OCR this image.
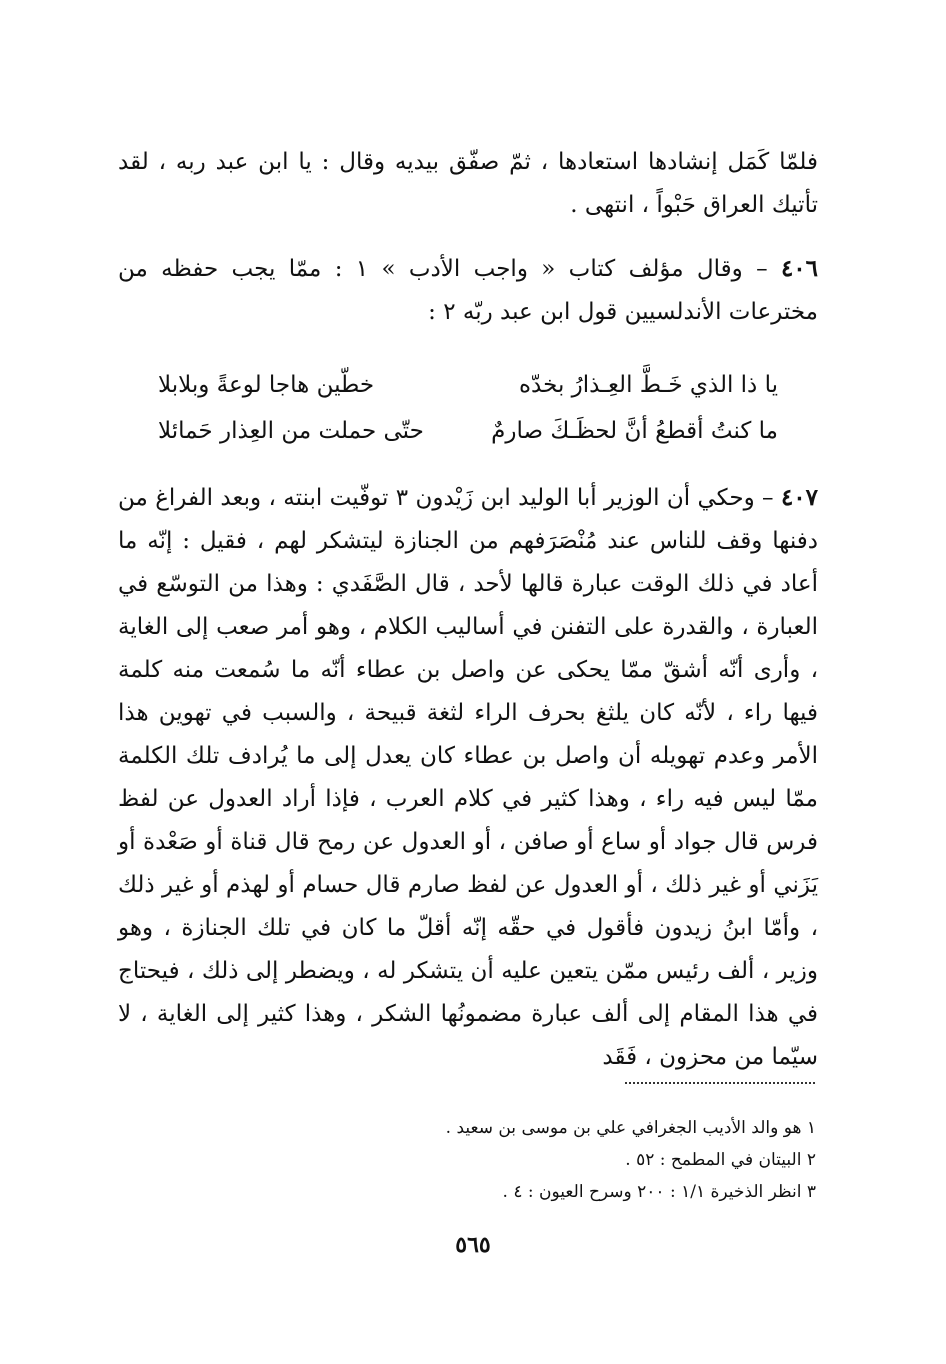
فلمّا كَمَل إنشادها استعادها ، ثمّ صفّق بيديه وقال : يا ابن عبد ربه ، لقد تأتيك العراق حَبْواً ، انتهى .
٤٠٦ – وقال مؤلف كتاب « واجب الأدب » ١ : ممّا يجب حفظه من مخترعات الأندلسيين قول ابن عبد ربّه ٢ :
يا ذا الذي خَـطَّ العِـذارُ بخدّه
خطّين هاجا لوعةً وبلابلا
ما كنتُ أقطعُ أنَّ لحظَـكَ صارمٌ
حتّى حملت من العِذار حَمائلا
٤٠٧ – وحكي أن الوزير أبا الوليد ابن زَيْدون ٣ توفّيت ابنته ، وبعد الفراغ من دفنها وقف للناس عند مُنْصَرَفهم من الجنازة ليتشكر لهم ، فقيل : إنّه ما أعاد في ذلك الوقت عبارة قالها لأحد ، قال الصَّفَدي : وهذا من التوسّع في العبارة ، والقدرة على التفنن في أساليب الكلام ، وهو أمر صعب إلى الغاية ، وأرى أنّه أشقّ ممّا يحكى عن واصل بن عطاء أنّه ما سُمعت منه كلمة فيها راء ، لأنّه كان يلثغ بحرف الراء لثغة قبيحة ، والسبب في تهوين هذا الأمر وعدم تهويله أن واصل بن عطاء كان يعدل إلى ما يُرادف تلك الكلمة ممّا ليس فيه راء ، وهذا كثير في كلام العرب ، فإذا أراد العدول عن لفظ فرس قال جواد أو ساع أو صافن ، أو العدول عن رمح قال قناة أو صَعْدة أو يَزَني أو غير ذلك ، أو العدول عن لفظ صارم قال حسام أو لهذم أو غير ذلك ، وأمّا ابنُ زيدون فأقول في حقّه إنّه أقلّ ما كان في تلك الجنازة ، وهو وزير ، ألف رئيس ممّن يتعين عليه أن يتشكر له ، ويضطر إلى ذلك ، فيحتاج في هذا المقام إلى ألف عبارة مضمونُها الشكر ، وهذا كثير إلى الغاية ، لا سيّما من محزون ، فَقَد
١ هو والد الأديب الجغرافي علي بن موسى بن سعيد .
٢ البيتان في المطمح : ٥٢ .
٣ انظر الذخيرة ١/١ : ٢٠٠ وسرح العيون : ٤ .
٥٦٥
